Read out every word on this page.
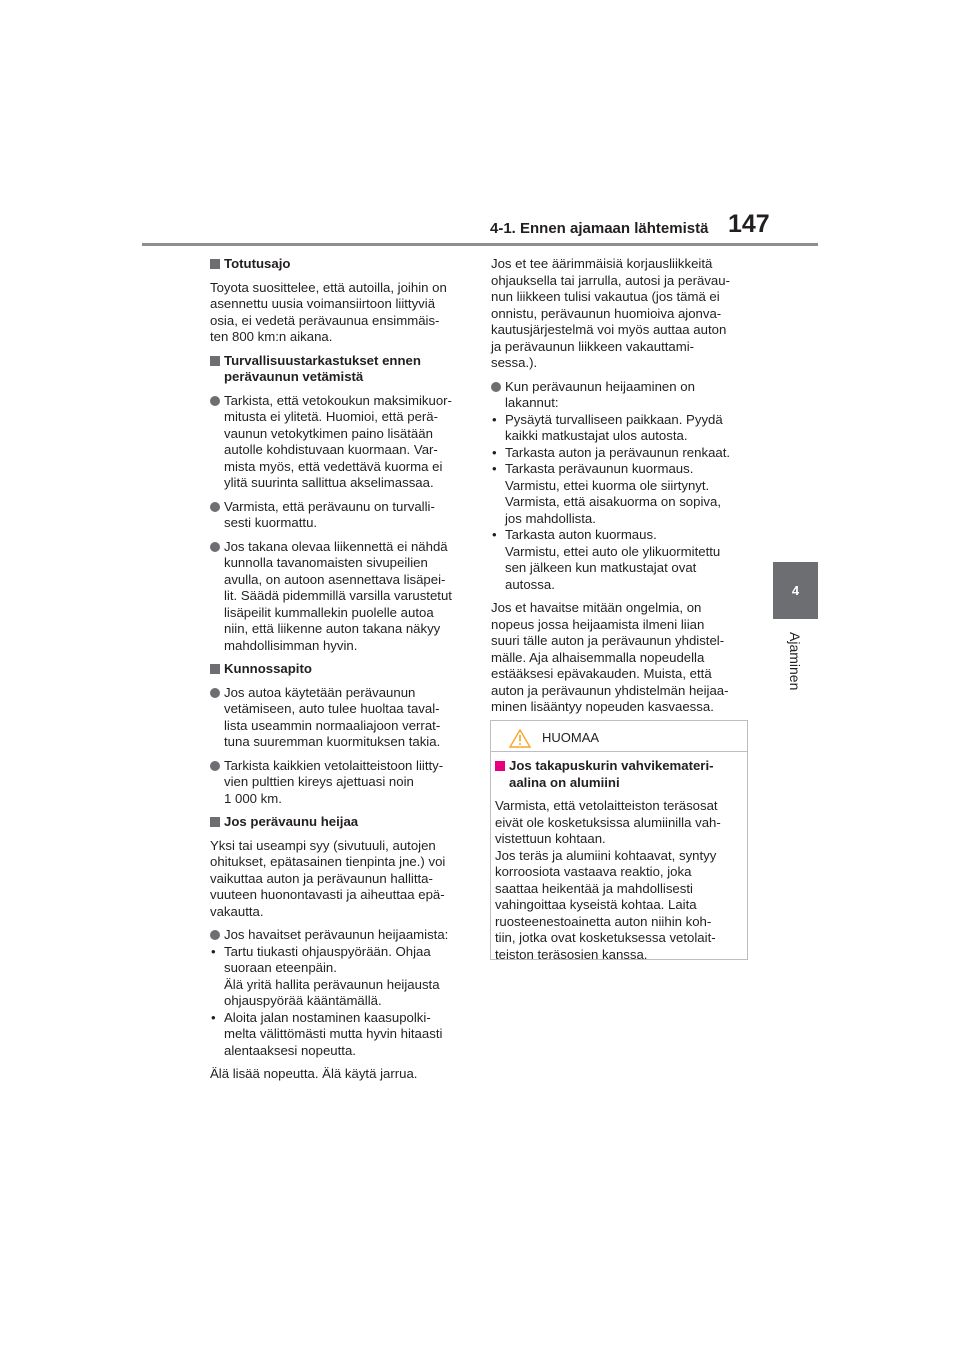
4-1. Ennen ajamaan lähtemistä 147
4
Ajaminen
Totutusajo
Toyota suosittelee, että autoilla, joihin on
asennettu uusia voimansiirtoon liittyviä
osia, ei vedetä perävaunua ensimmäis-
ten 800 km:n aikana.
Turvallisuustarkastukset ennen
perävaunun vetämistä
Tarkista, että vetokoukun maksimikuor-
mitusta ei ylitetä. Huomioi, että perä-
vaunun vetokytkimen paino lisätään
autolle kohdistuvaan kuormaan. Var-
mista myös, että vedettävä kuorma ei
ylitä suurinta sallittua akselimassaa.
Varmista, että perävaunu on turvalli-
sesti kuormattu.
Jos takana olevaa liikennettä ei nähdä
kunnolla tavanomaisten sivupeilien
avulla, on autoon asennettava lisäpei-
lit. Säädä pidemmillä varsilla varustetut
lisäpeilit kummallekin puolelle autoa
niin, että liikenne auton takana näkyy
mahdollisimman hyvin.
Kunnossapito
Jos autoa käytetään perävaunun
vetämiseen, auto tulee huoltaa taval-
lista useammin normaaliajoon verrat-
tuna suuremman kuormituksen takia.
Tarkista kaikkien vetolaitteistoon liitty-
vien pulttien kireys ajettuasi noin
1 000 km.
Jos perävaunu heijaa
Yksi tai useampi syy (sivutuuli, autojen
ohitukset, epätasainen tienpinta jne.) voi
vaikuttaa auton ja perävaunun hallitta-
vuuteen huonontavasti ja aiheuttaa epä-
vakautta.
Jos havaitset perävaunun heijaamista:
• Tartu tiukasti ohjauspyörään. Ohjaa
suoraan eteenpäin.
Älä yritä hallita perävaunun heijausta
ohjauspyörää kääntämällä.
• Aloita jalan nostaminen kaasupolki-
melta välittömästi mutta hyvin hitaasti
alentaaksesi nopeutta.
Älä lisää nopeutta. Älä käytä jarrua.
Jos et tee äärimmäisiä korjausliikkeitä
ohjauksella tai jarrulla, autosi ja perävau-
nun liikkeen tulisi vakautua (jos tämä ei
onnistu, perävaunun huomioiva ajonva-
kautusjärjestelmä voi myös auttaa auton
ja perävaunun liikkeen vakauttami-
sessa.).
Kun perävaunun heijaaminen on
lakannut:
• Pysäytä turvalliseen paikkaan. Pyydä
kaikki matkustajat ulos autosta.
• Tarkasta auton ja perävaunun renkaat.
• Tarkasta perävaunun kuormaus.
Varmistu, ettei kuorma ole siirtynyt.
Varmista, että aisakuorma on sopiva,
jos mahdollista.
• Tarkasta auton kuormaus.
Varmistu, ettei auto ole ylikuormitettu
sen jälkeen kun matkustajat ovat
autossa.
Jos et havaitse mitään ongelmia, on
nopeus jossa heijaamista ilmeni liian
suuri tälle auton ja perävaunun yhdistel-
mälle. Aja alhaisemmalla nopeudella
estääksesi epävakauden. Muista, että
auton ja perävaunun yhdistelmän heijaa-
minen lisääntyy nopeuden kasvaessa.
HUOMAA
Jos takapuskurin vahvikemateri-
aalina on alumiini
Varmista, että vetolaitteiston teräsosat
eivät ole kosketuksissa alumiinilla vah-
vistettuun kohtaan.
Jos teräs ja alumiini kohtaavat, syntyy
korroosiota vastaava reaktio, joka
saattaa heikentää ja mahdollisesti
vahingoittaa kyseistä kohtaa. Laita
ruosteenestoainetta auton niihin koh-
tiin, jotka ovat kosketuksessa vetolait-
teiston teräsosien kanssa.
